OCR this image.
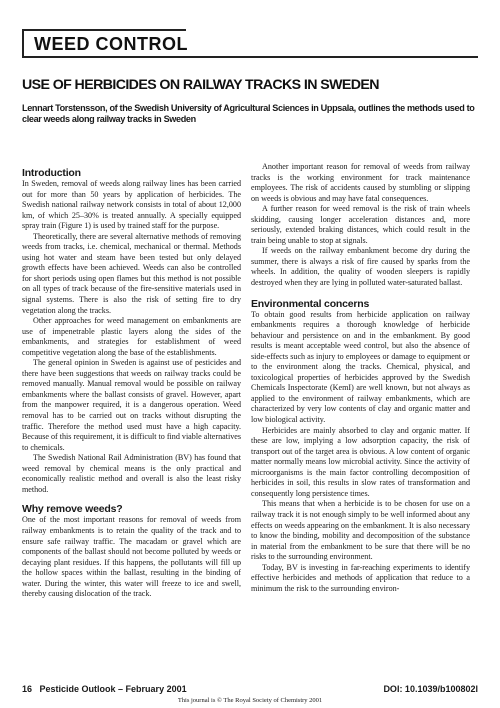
WEED CONTROL
USE OF HERBICIDES ON RAILWAY TRACKS IN SWEDEN
Lennart Torstensson, of the Swedish University of Agricultural Sciences in Uppsala, outlines the methods used to clear weeds along railway tracks in Sweden
Introduction

In Sweden, removal of weeds along railway lines has been carried out for more than 50 years by application of herbicides. The Swedish national railway network consists in total of about 12,000 km, of which 25–30% is treated annually. A specially equipped spray train (Figure 1) is used by trained staff for the purpose.

Theoretically, there are several alternative methods of removing weeds from tracks, i.e. chemical, mechanical or thermal. Methods using hot water and steam have been tested but only delayed growth effects have been achieved. Weeds can also be controlled for short periods using open flames but this method is not possible on all types of track because of the fire-sensitive materials used in signal systems. There is also the risk of setting fire to dry vegetation along the tracks.

Other approaches for weed management on embankments are use of impenetrable plastic layers along the sides of the embankments, and strategies for establishment of weed competitive vegetation along the base of the establishments.

The general opinion in Sweden is against use of pesticides and there have been suggestions that weeds on railway tracks could be removed manually. Manual removal would be possible on railway embankments where the ballast consists of gravel. However, apart from the manpower required, it is a dangerous operation. Weed removal has to be carried out on tracks without disrupting the traffic. Therefore the method used must have a high capacity. Because of this requirement, it is difficult to find viable alternatives to chemicals.

The Swedish National Rail Administration (BV) has found that weed removal by chemical means is the only practical and economically realistic method and overall is also the least risky method.

Why remove weeds?

One of the most important reasons for removal of weeds from railway embankments is to retain the quality of the track and to ensure safe railway traffic. The macadam or gravel which are components of the ballast should not become polluted by weeds or decaying plant residues. If this happens, the pollutants will fill up the hollow spaces within the ballast, resulting in the binding of water. During the winter, this water will freeze to ice and swell, thereby causing dislocation of the track.

Another important reason for removal of weeds from railway tracks is the working environment for track maintenance employees. The risk of accidents caused by stumbling or slipping on weeds is obvious and may have fatal consequences.

A further reason for weed removal is the risk of train wheels skidding, causing longer acceleration distances and, more seriously, extended braking distances, which could result in the train being unable to stop at signals.

If weeds on the railway embankment become dry during the summer, there is always a risk of fire caused by sparks from the wheels. In addition, the quality of wooden sleepers is rapidly destroyed when they are lying in polluted water-saturated ballast.

Environmental concerns

To obtain good results from herbicide application on railway embankments requires a thorough knowledge of herbicide behaviour and persistence on and in the embankment. By good results is meant acceptable weed control, but also the absence of side-effects such as injury to employees or damage to equipment or to the environment along the tracks. Chemical, physical, and toxicological properties of herbicides approved by the Swedish Chemicals Inspectorate (KemI) are well known, but not always as applied to the environment of railway embankments, which are characterized by very low contents of clay and organic matter and low biological activity.

Herbicides are mainly absorbed to clay and organic matter. If these are low, implying a low adsorption capacity, the risk of transport out of the target area is obvious. A low content of organic matter normally means low microbial activity. Since the activity of microorganisms is the main factor controlling decomposition of herbicides in soil, this results in slow rates of transformation and consequently long persistence times.

This means that when a herbicide is to be chosen for use on a railway track it is not enough simply to be well informed about any effects on weeds appearing on the embankment. It is also necessary to know the binding, mobility and decomposition of the substance in material from the embankment to be sure that there will be no risks to the surrounding environment.

Today, BV is investing in far-reaching experiments to identify effective herbicides and methods of application that reduce to a minimum the risk to the surrounding environ-

16 Pesticide Outlook – February 2001	DOI: 10.1039/b100802l
This journal is © The Royal Society of Chemistry 2001
